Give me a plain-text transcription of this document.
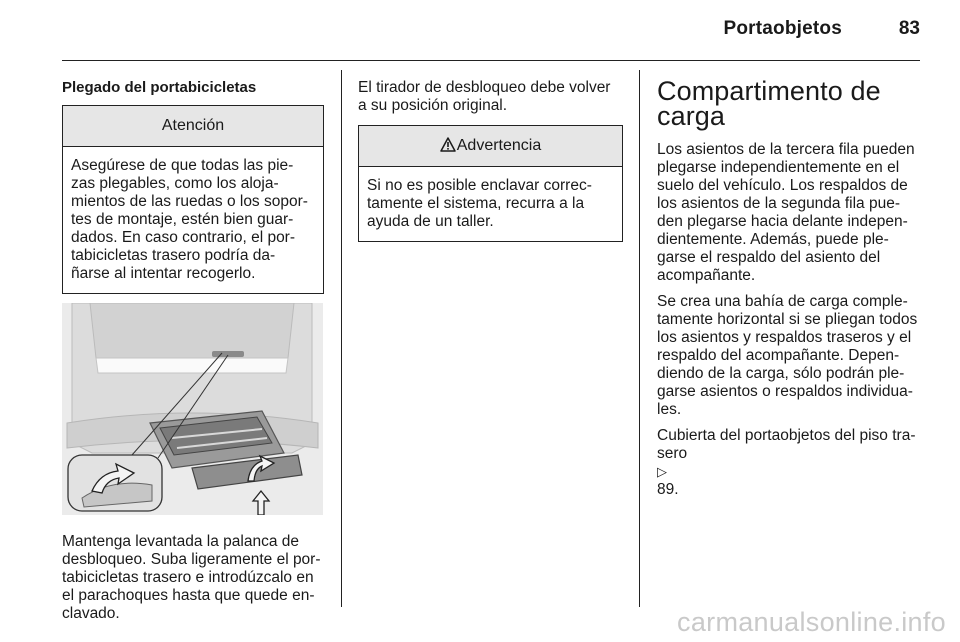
Portaobjetos	83
Plegado del portabicicletas
Atención
Asegúrese de que todas las pie-
zas plegables, como los aloja-
mientos de las ruedas o los sopor-
tes de montaje, estén bien guar-
dados. En caso contrario, el por-
tabicicletas trasero podría da-
ñarse al intentar recogerlo.
Mantenga levantada la palanca de
desbloqueo. Suba ligeramente el por-
tabicicletas trasero e introdúzcalo en
el parachoques hasta que quede en-
clavado.
El tirador de desbloqueo debe volver
a su posición original.
Advertencia
Si no es posible enclavar correc-
tamente el sistema, recurra a la
ayuda de un taller.
Compartimento de
carga
Los asientos de la tercera fila pueden
plegarse independientemente en el
suelo del vehículo. Los respaldos de
los asientos de la segunda fila pue-
den plegarse hacia delante indepen-
dientemente. Además, puede ple-
garse el respaldo del asiento del
acompañante.
Se crea una bahía de carga comple-
tamente horizontal si se pliegan todos
los asientos y respaldos traseros y el
respaldo del acompañante. Depen-
diendo de la carga, sólo podrán ple-
garse asientos o respaldos individua-
les.
Cubierta del portaobjetos del piso tra-
sero
▷
89.
carmanualsonline.info
